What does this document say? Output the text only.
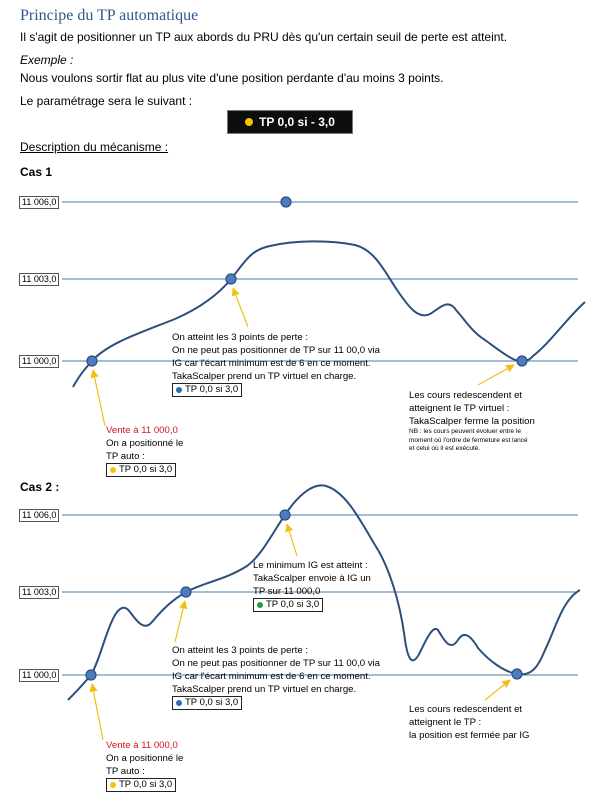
Principe du TP automatique
Il s'agit de positionner un TP aux abords du PRU dès qu'un certain seuil de perte est atteint.
Exemple :
Nous voulons sortir flat au plus vite d'une position perdante d'au moins 3 points.
Le paramétrage sera le suivant :
TP 0,0 si - 3,0
Description du mécanisme :
Cas 1
11 006,0
11 003,0
11 000,0
On atteint les 3 points de perte :
On ne peut pas positionner de TP sur 11 00,0 via
IG car l'écart minimum est de 6 en ce moment.
TakaScalper prend un TP virtuel en charge.
TP 0,0 si 3,0
Vente à 11 000,0
On a positionné le
TP auto :
TP 0,0 si 3,0
Les cours redescendent et
atteignent le TP virtuel :
TakaScalper ferme la position
NB : les cours peuvent évoluer entre le
moment où l'ordre de fermeture est lancé
et celui où il est exécuté.
Cas 2 :
11 006,0
11 003,0
11 000,0
Le minimum IG est atteint :
TakaScalper envoie à IG un
TP sur 11 000,0
TP 0,0 si 3,0
On atteint les 3 points de perte :
On ne peut pas positionner de TP sur 11 00,0 via
IG car l'écart minimum est de 6 en ce moment.
TakaScalper prend un TP virtuel en charge.
TP 0,0 si 3,0
Les cours redescendent et
atteignent le TP :
la position est fermée par IG
Vente à 11 000,0
On a positionné le
TP auto :
TP 0,0 si 3,0
